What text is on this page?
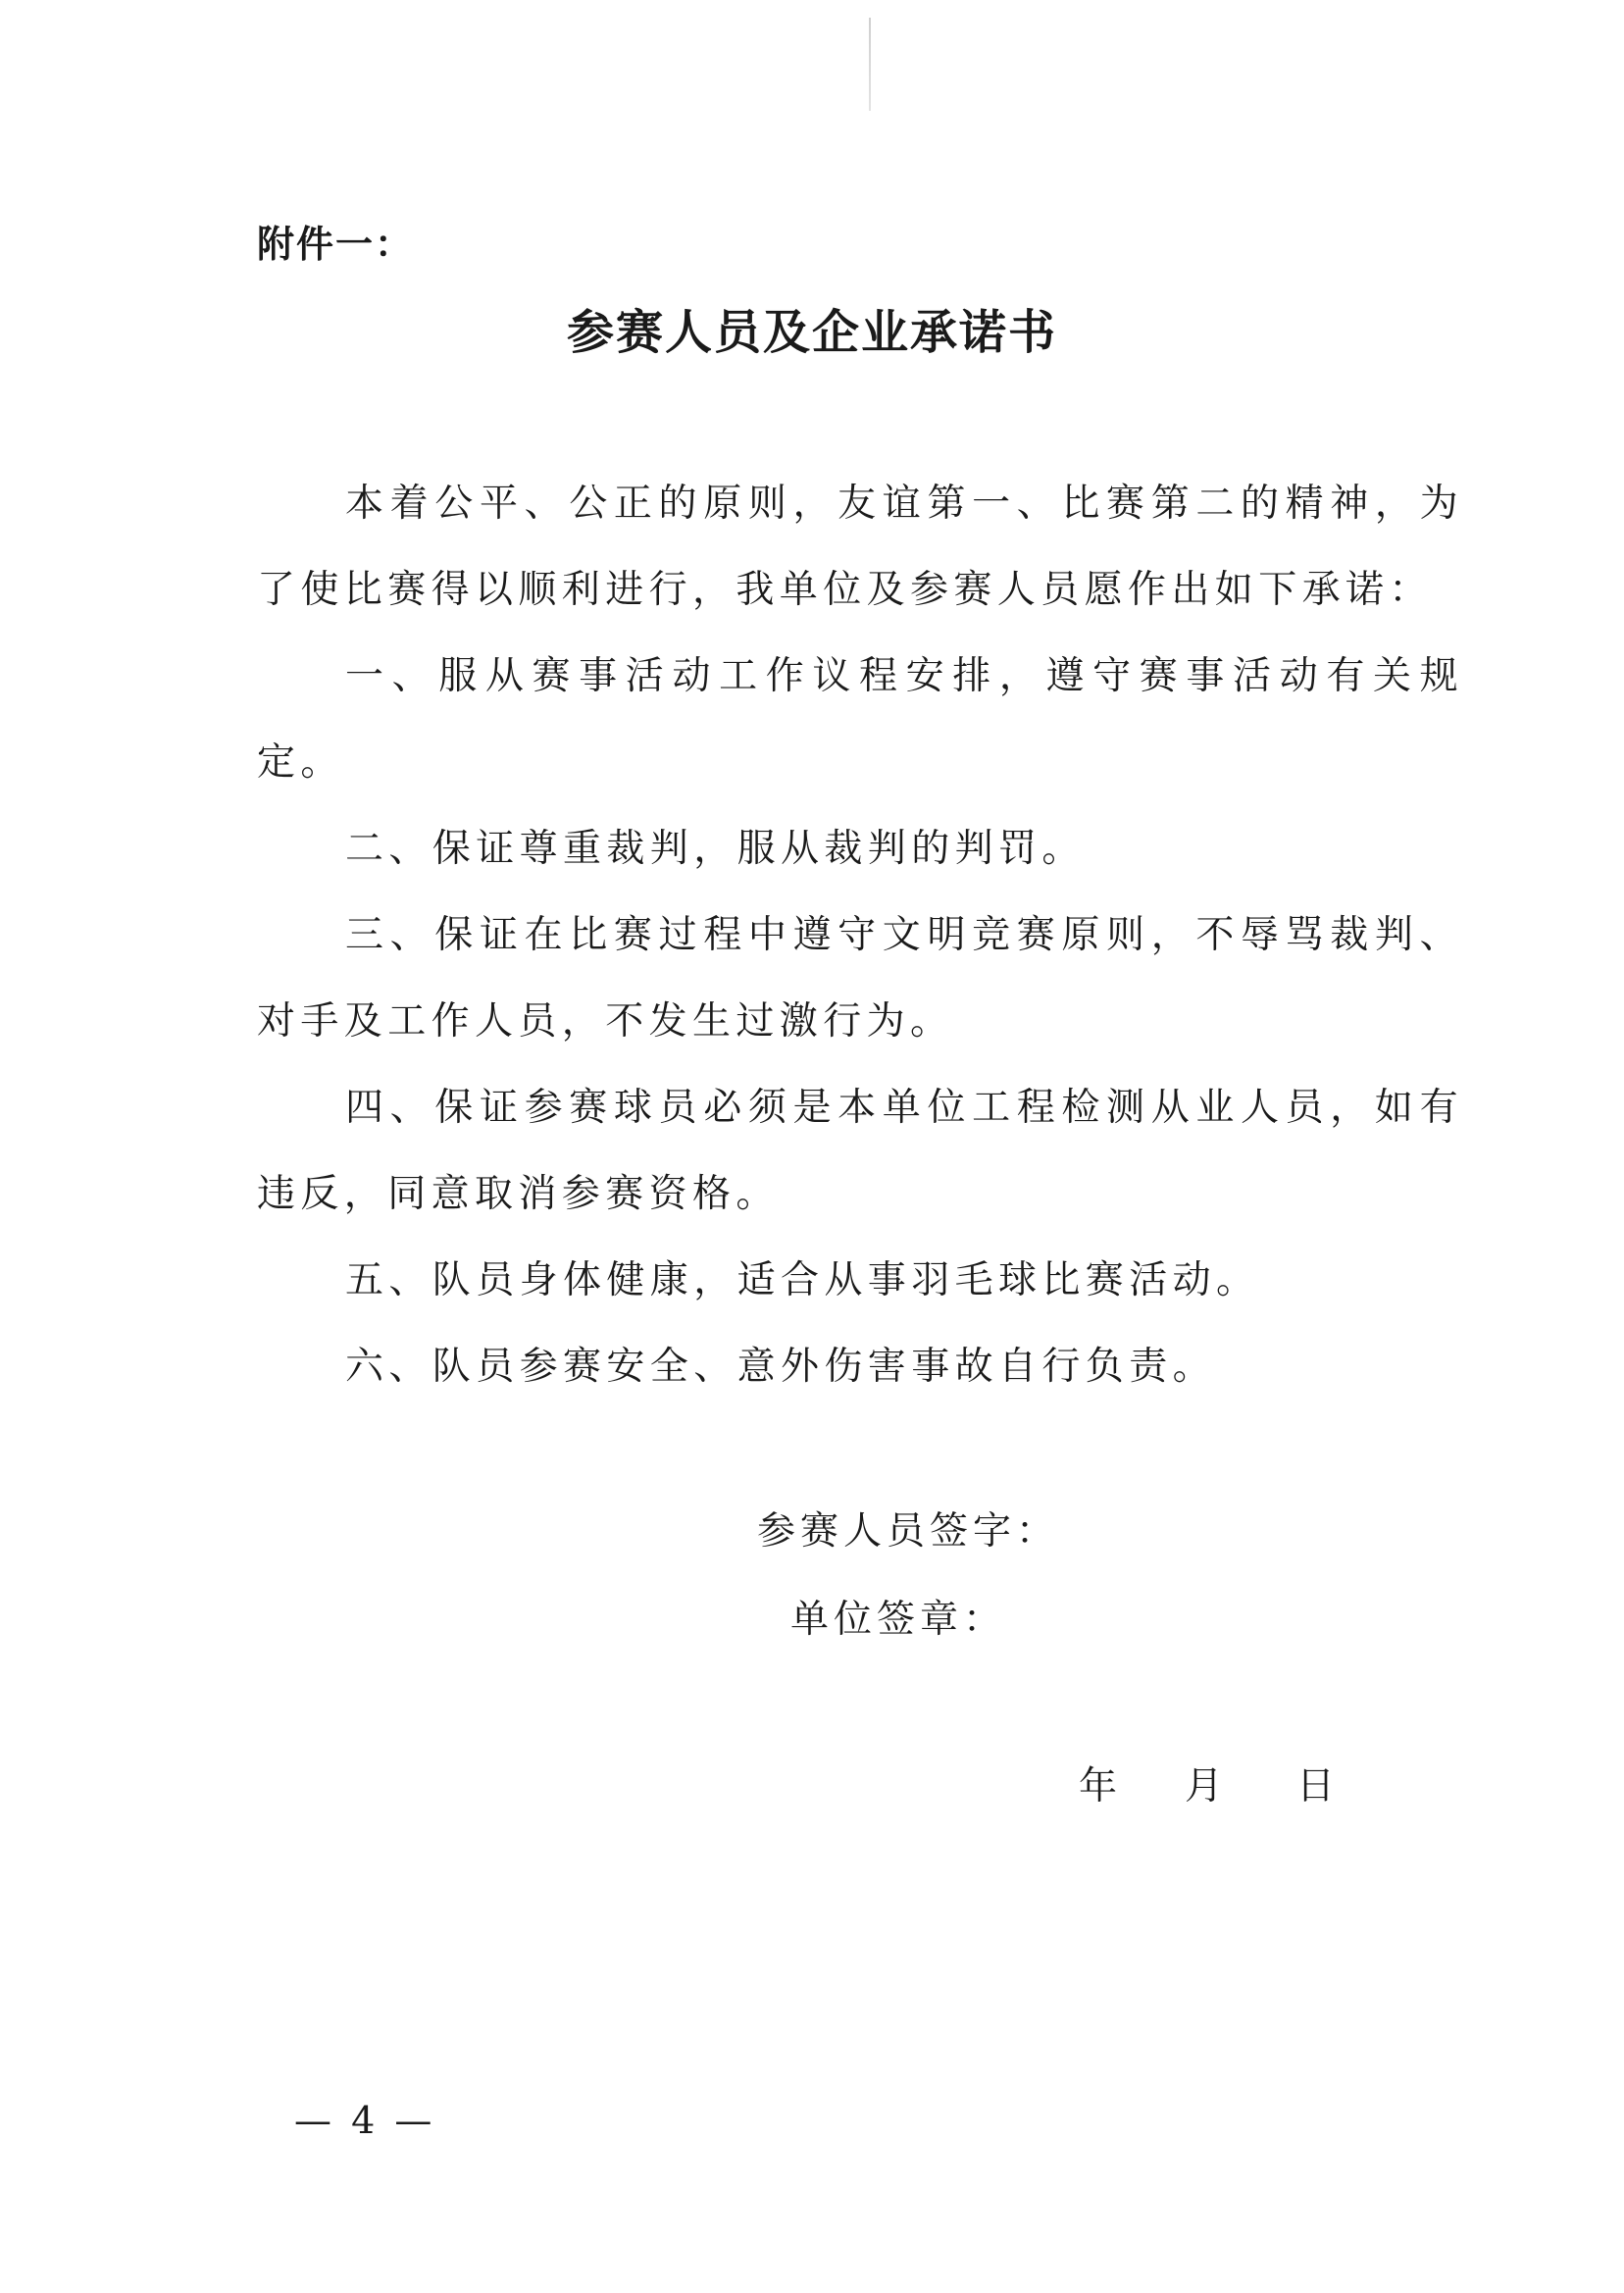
附件一：
参赛人员及企业承诺书

本着公平、公正的原则，友谊第一、比赛第二的精神，为了使比赛得以顺利进行，我单位及参赛人员愿作出如下承诺：

一、服从赛事活动工作议程安排，遵守赛事活动有关规定。

二、保证尊重裁判，服从裁判的判罚。

三、保证在比赛过程中遵守文明竞赛原则，不辱骂裁判、对手及工作人员，不发生过激行为。

四、保证参赛球员必须是本单位工程检测从业人员，如有违反，同意取消参赛资格。

五、队员身体健康，适合从事羽毛球比赛活动。

六、队员参赛安全、意外伤害事故自行负责。

参赛人员签字：
单位签章：
年 月 日
— 4 —
